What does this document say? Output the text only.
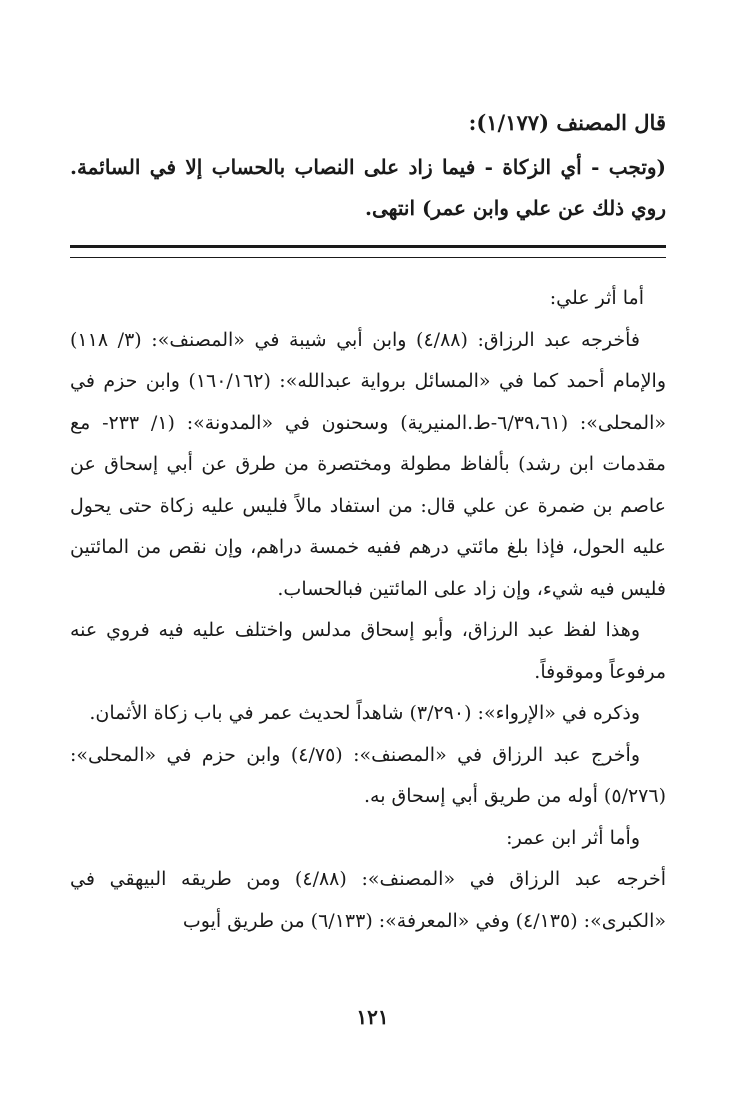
قال المصنف (١/١٧٧):

(وتجب - أي الزكاة - فيما زاد على النصاب بالحساب إلا في السائمة. روي ذلك عن علي وابن عمر) انتهى.

أما أثر علي:

فأخرجه عبد الرزاق: (٤/٨٨) وابن أبي شيبة في «المصنف»: (٣/ ١١٨) والإمام أحمد كما في «المسائل برواية عبدالله»: (١٦٠/١٦٢) وابن حزم في «المحلى»: (٦/٣٩،٦١-ط.المنيرية) وسحنون في «المدونة»: (١/ ٢٣٣- مع مقدمات ابن رشد) بألفاظ مطولة ومختصرة من طرق عن أبي إسحاق عن عاصم بن ضمرة عن علي قال: من استفاد مالاً فليس عليه زكاة حتى يحول عليه الحول، فإذا بلغ مائتي درهم ففيه خمسة دراهم، وإن نقص من المائتين فليس فيه شيء، وإن زاد على المائتين فبالحساب.

وهذا لفظ عبد الرزاق، وأبو إسحاق مدلس واختلف عليه فيه فروي عنه مرفوعاً وموقوفاً.

وذكره في «الإرواء»: (٣/٢٩٠) شاهداً لحديث عمر في باب زكاة الأثمان.

وأخرج عبد الرزاق في «المصنف»: (٤/٧٥) وابن حزم في «المحلى»: (٥/٢٧٦) أوله من طريق أبي إسحاق به.

وأما أثر ابن عمر:

أخرجه عبد الرزاق في «المصنف»: (٤/٨٨) ومن طريقه البيهقي في «الكبرى»: (٤/١٣٥) وفي «المعرفة»: (٦/١٣٣) من طريق أيوب

١٢١
